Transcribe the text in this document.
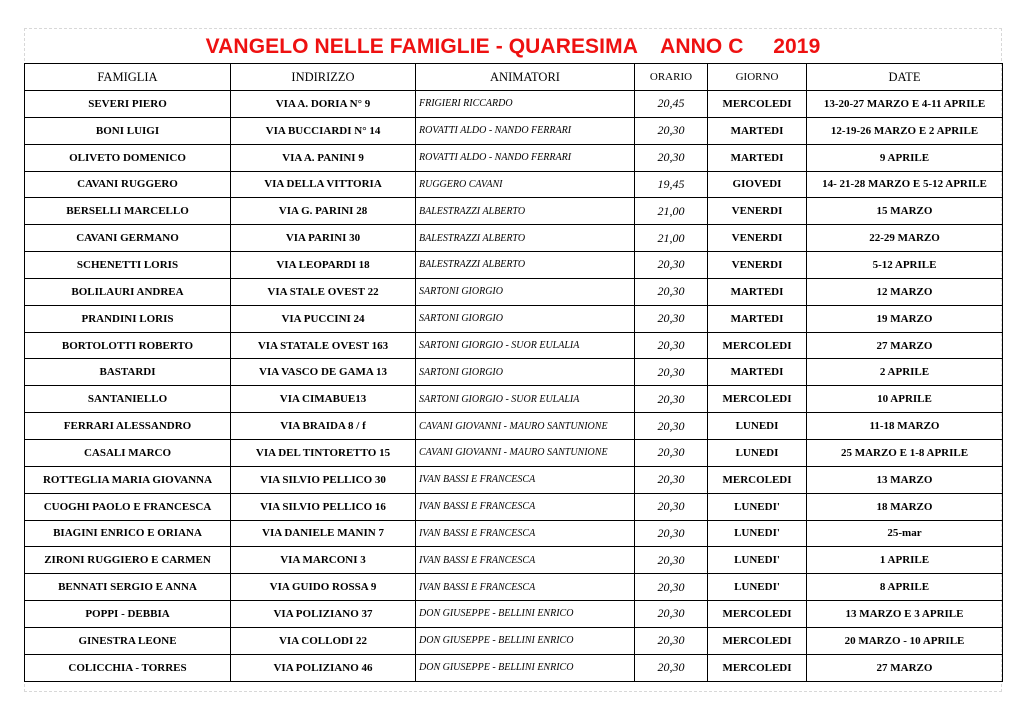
VANGELO NELLE FAMIGLIE - QUARESIMA    ANNO C     2019
FAMIGLIA	INDIRIZZO	ANIMATORI	ORARIO	GIORNO	DATE
SEVERI PIERO	VIA A. DORIA N° 9	FRIGIERI RICCARDO	20,45	MERCOLEDI	13-20-27 MARZO E 4-11 APRILE
BONI LUIGI	VIA BUCCIARDI N° 14	ROVATTI ALDO - NANDO FERRARI	20,30	MARTEDI	12-19-26 MARZO E 2 APRILE
OLIVETO DOMENICO	VIA A. PANINI 9	ROVATTI ALDO - NANDO FERRARI	20,30	MARTEDI	9 APRILE
CAVANI RUGGERO	VIA DELLA VITTORIA	RUGGERO CAVANI	19,45	GIOVEDI	14- 21-28 MARZO E 5-12 APRILE
BERSELLI MARCELLO	VIA G. PARINI 28	BALESTRAZZI ALBERTO	21,00	VENERDI	15 MARZO
CAVANI GERMANO	VIA PARINI 30	BALESTRAZZI ALBERTO	21,00	VENERDI	22-29 MARZO
SCHENETTI LORIS	VIA LEOPARDI 18	BALESTRAZZI ALBERTO	20,30	VENERDI	5-12 APRILE
BOLILAURI ANDREA	VIA STALE OVEST 22	SARTONI GIORGIO	20,30	MARTEDI	12 MARZO
PRANDINI LORIS	VIA PUCCINI 24	SARTONI GIORGIO	20,30	MARTEDI	19 MARZO
BORTOLOTTI ROBERTO	VIA STATALE OVEST 163	SARTONI GIORGIO - SUOR EULALIA	20,30	MERCOLEDI	27 MARZO
BASTARDI	VIA VASCO DE GAMA 13	SARTONI GIORGIO	20,30	MARTEDI	2 APRILE
SANTANIELLO	VIA CIMABUE13	SARTONI GIORGIO - SUOR EULALIA	20,30	MERCOLEDI	10 APRILE
FERRARI ALESSANDRO	VIA BRAIDA 8 / f	CAVANI GIOVANNI - MAURO SANTUNIONE	20,30	LUNEDI	11-18 MARZO
CASALI MARCO	VIA DEL TINTORETTO 15	CAVANI GIOVANNI - MAURO SANTUNIONE	20,30	LUNEDI	25 MARZO E 1-8 APRILE
ROTTEGLIA MARIA GIOVANNA	VIA SILVIO PELLICO 30	IVAN BASSI E FRANCESCA	20,30	MERCOLEDI	13 MARZO
CUOGHI PAOLO E FRANCESCA	VIA SILVIO PELLICO 16	IVAN BASSI E FRANCESCA	20,30	LUNEDI'	18 MARZO
BIAGINI ENRICO E ORIANA	VIA DANIELE MANIN 7	IVAN BASSI E FRANCESCA	20,30	LUNEDI'	25-mar
ZIRONI RUGGIERO E CARMEN	VIA MARCONI 3	IVAN BASSI E FRANCESCA	20,30	LUNEDI'	1 APRILE
BENNATI SERGIO E ANNA	VIA GUIDO ROSSA 9	IVAN BASSI E FRANCESCA	20,30	LUNEDI'	8 APRILE
POPPI - DEBBIA	VIA POLIZIANO 37	DON GIUSEPPE - BELLINI ENRICO	20,30	MERCOLEDI	13 MARZO E 3 APRILE
GINESTRA LEONE	VIA COLLODI 22	DON GIUSEPPE - BELLINI ENRICO	20,30	MERCOLEDI	20 MARZO - 10 APRILE
COLICCHIA - TORRES	VIA POLIZIANO 46	DON GIUSEPPE - BELLINI ENRICO	20,30	MERCOLEDI	27 MARZO
